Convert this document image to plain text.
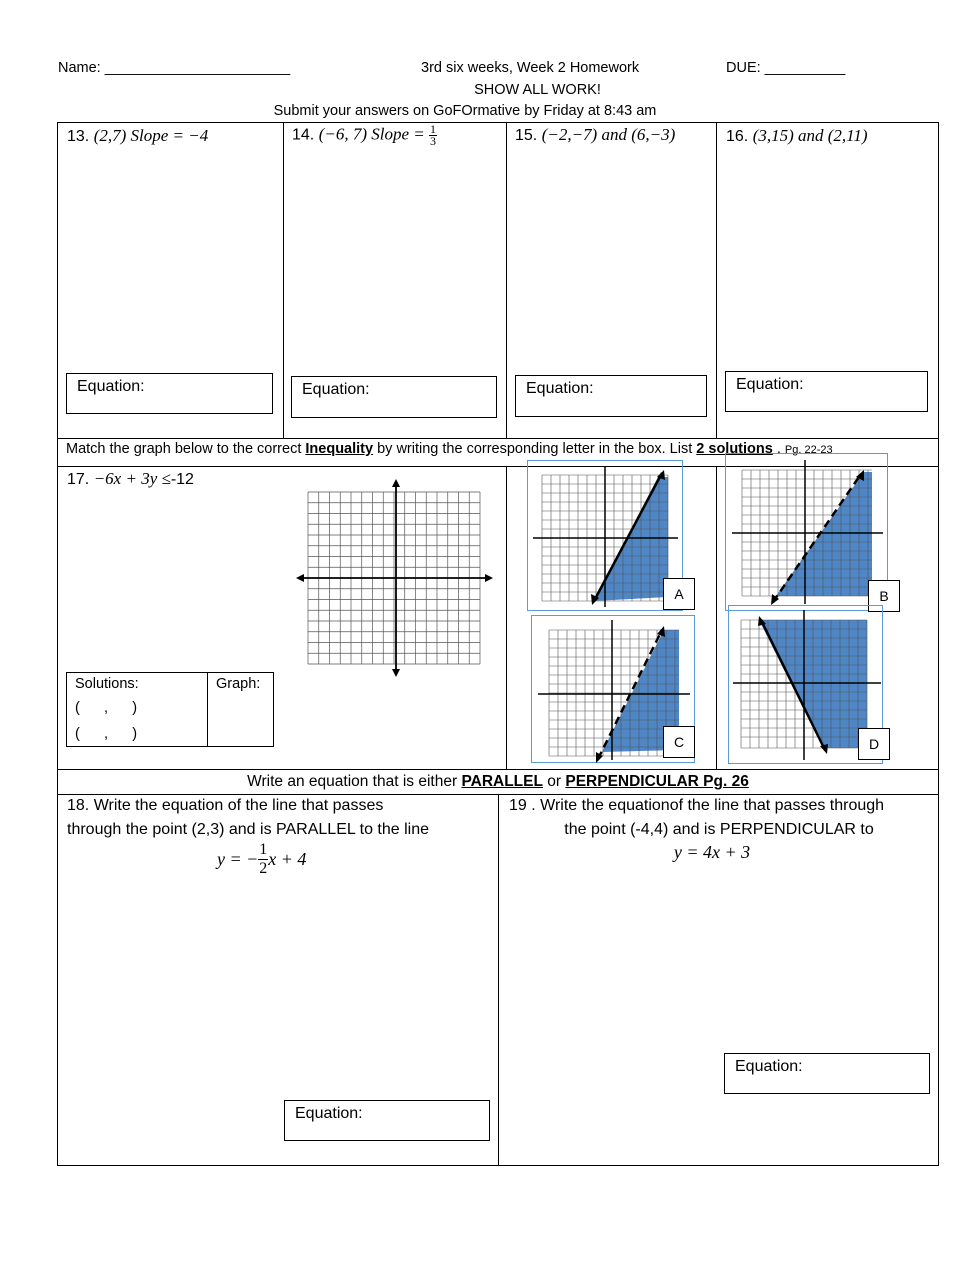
Name: _______________________	3rd six weeks, Week 2 Homework	DUE: __________
SHOW ALL WORK!
Submit your answers on GoFOrmative by Friday at 8:43 am
13. (2,7) Slope = −4	14. (−6, 7) Slope = $\frac{1}{3}$	15. (−2,−7) and (6,−3)	16. (3,15) and (2,11)
Equation:	Equation:	Equation:	Equation:
Match the graph below to the correct Inequality by writing the corresponding letter in the box. List 2 solutions . Pg. 22-23
17. −6x + 3y ≤-12
Solutions:
(      ,      )
(      ,      )
Graph:
A	B
C	D
Write an equation that is either PARALLEL or PERPENDICULAR Pg. 26
18. Write the equation of the line that passes
through the point (2,3) and is PARALLEL to the line
y = − $\frac{1}{2}$ x + 4
Equation:
19 . Write the equationof the line that passes through
the point (-4,4) and is PERPENDICULAR to
y = 4x + 3
Equation:
